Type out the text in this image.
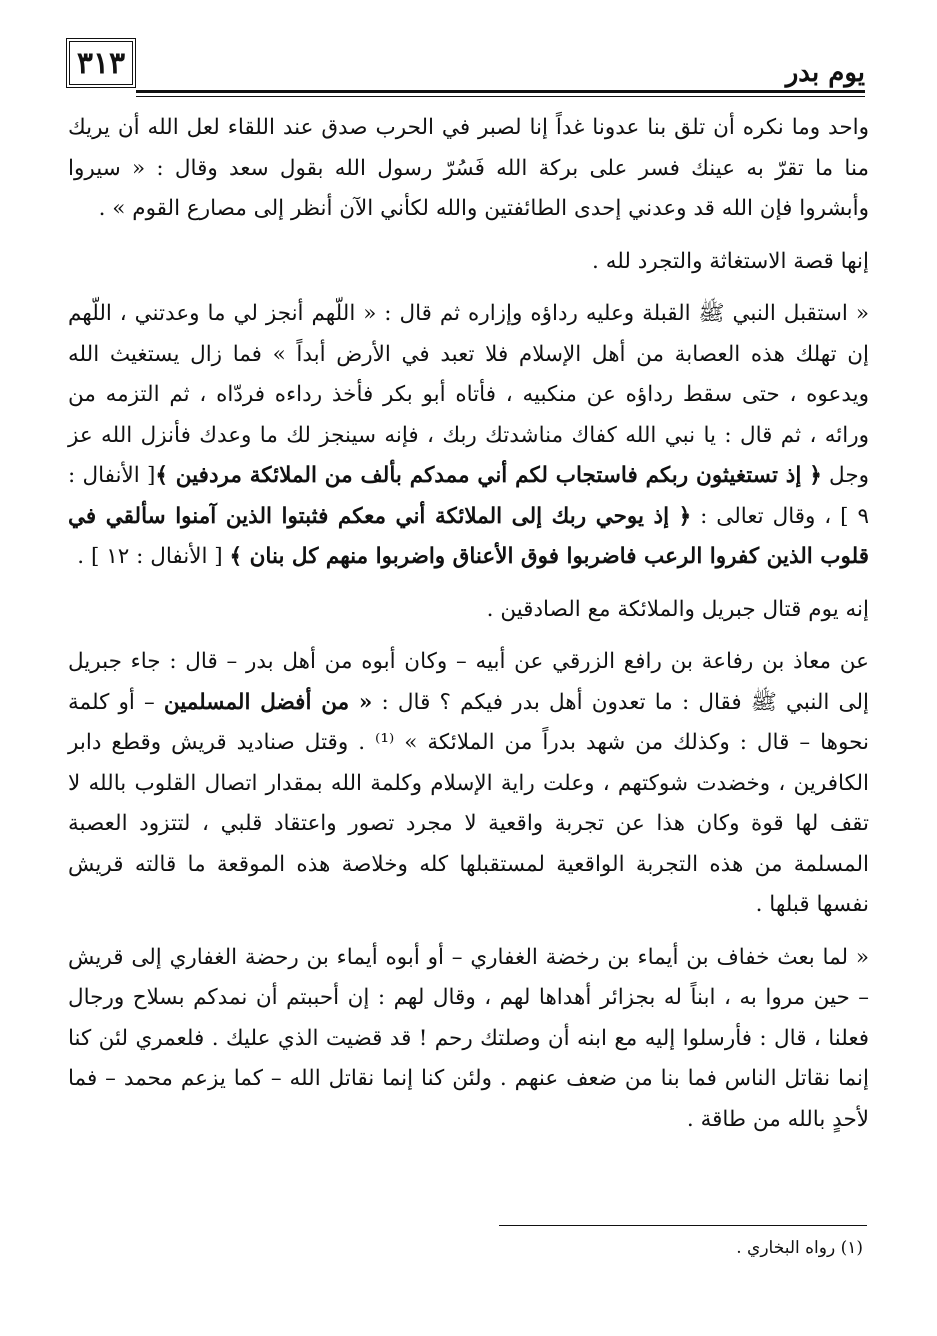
٣١٣	يوم بدر

واحد وما نكره أن تلق بنا عدونا غداً إنا لصبر في الحرب صدق عند اللقاء لعل الله أن يريك منا ما تقرّ به عينك فسر على بركة الله فَسُرّ رسول الله بقول سعد وقال : « سيروا وأبشروا فإن الله قد وعدني إحدى الطائفتين والله لكأني الآن أنظر إلى مصارع القوم » .

إنها قصة الاستغاثة والتجرد لله .

« استقبل النبي ﷺ القبلة وعليه رداؤه وإزاره ثم قال : « اللّهم أنجز لي ما وعدتني ، اللّهم إن تهلك هذه العصابة من أهل الإسلام فلا تعبد في الأرض أبداً » فما زال يستغيث الله ويدعوه ، حتى سقط رداؤه عن منكبيه ، فأتاه أبو بكر فأخذ رداءه فردّاه ، ثم التزمه من ورائه ، ثم قال : يا نبي الله كفاك مناشدتك ربك ، فإنه سينجز لك ما وعدك فأنزل الله عز وجل ﴿ إذ تستغيثون ربكم فاستجاب لكم أني ممدكم بألف من الملائكة مردفين ﴾[ الأنفال : ٩ ] ، وقال تعالى : ﴿ إذ يوحي ربك إلى الملائكة أني معكم فثبتوا الذين آمنوا سألقي في قلوب الذين كفروا الرعب فاضربوا فوق الأعناق واضربوا منهم كل بنان ﴾ [ الأنفال : ١٢ ] .

إنه يوم قتال جبريل والملائكة مع الصادقين .

عن معاذ بن رفاعة بن رافع الزرقي عن أبيه – وكان أبوه من أهل بدر – قال : جاء جبريل إلى النبي ﷺ فقال : ما تعدون أهل بدر فيكم ؟ قال : « من أفضل المسلمين – أو كلمة نحوها – قال : وكذلك من شهد بدراً من الملائكة » ⁽¹⁾ . وقتل صناديد قريش وقطع دابر الكافرين ، وخضدت شوكتهم ، وعلت راية الإسلام وكلمة الله بمقدار اتصال القلوب بالله لا تقف لها قوة وكان هذا عن تجربة واقعية لا مجرد تصور واعتقاد قلبي ، لتتزود العصبة المسلمة من هذه التجربة الواقعية لمستقبلها كله وخلاصة هذه الموقعة ما قالته قريش نفسها قبلها .

« لما بعث خفاف بن أيماء بن رخضة الغفاري – أو أبوه أيماء بن رحضة الغفاري إلى قريش – حين مروا به ، ابناً له بجزائر أهداها لهم ، وقال لهم : إن أحببتم أن نمدكم بسلاح ورجال فعلنا ، قال : فأرسلوا إليه مع ابنه أن وصلتك رحم ! قد قضيت الذي عليك . فلعمري لئن كنا إنما نقاتل الناس فما بنا من ضعف عنهم . ولئن كنا إنما نقاتل الله – كما يزعم محمد – فما لأحدٍ بالله من طاقة .

(١) رواه البخاري .
